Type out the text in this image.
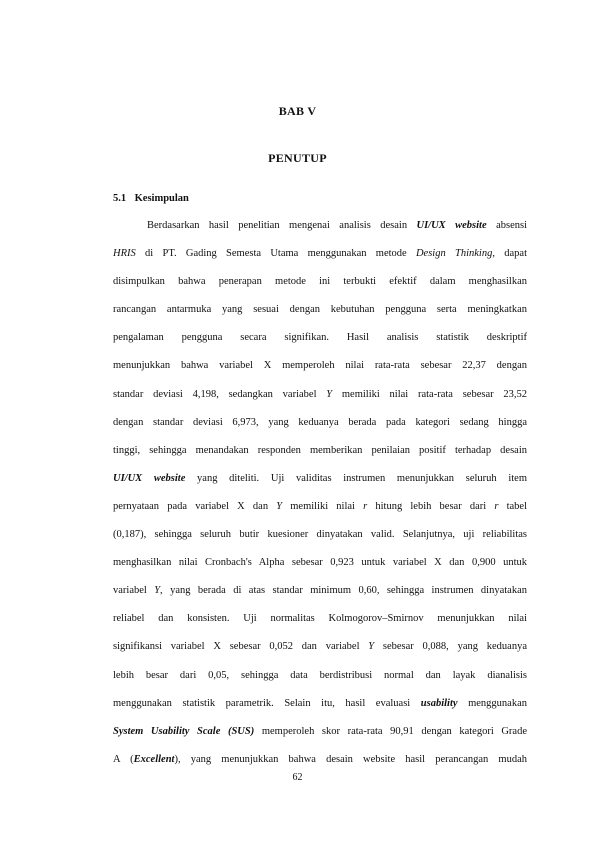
BAB V
PENUTUP
5.1 Kesimpulan
Berdasarkan hasil penelitian mengenai analisis desain UI/UX website absensi
HRIS di PT. Gading Semesta Utama menggunakan metode Design Thinking, dapat
disimpulkan bahwa penerapan metode ini terbukti efektif dalam menghasilkan
rancangan antarmuka yang sesuai dengan kebutuhan pengguna serta meningkatkan
pengalaman pengguna secara signifikan. Hasil analisis statistik deskriptif
menunjukkan bahwa variabel X memperoleh nilai rata-rata sebesar 22,37 dengan
standar deviasi 4,198, sedangkan variabel Y memiliki nilai rata-rata sebesar 23,52
dengan standar deviasi 6,973, yang keduanya berada pada kategori sedang hingga
tinggi, sehingga menandakan responden memberikan penilaian positif terhadap desain
UI/UX website yang diteliti. Uji validitas instrumen menunjukkan seluruh item
pernyataan pada variabel X dan Y memiliki nilai r hitung lebih besar dari r tabel
(0,187), sehingga seluruh butir kuesioner dinyatakan valid. Selanjutnya, uji reliabilitas
menghasilkan nilai Cronbach's Alpha sebesar 0,923 untuk variabel X dan 0,900 untuk
variabel Y, yang berada di atas standar minimum 0,60, sehingga instrumen dinyatakan
reliabel dan konsisten. Uji normalitas Kolmogorov–Smirnov menunjukkan nilai
signifikansi variabel X sebesar 0,052 dan variabel Y sebesar 0,088, yang keduanya
lebih besar dari 0,05, sehingga data berdistribusi normal dan layak dianalisis
menggunakan statistik parametrik. Selain itu, hasil evaluasi usability menggunakan
System Usability Scale (SUS) memperoleh skor rata-rata 90,91 dengan kategori Grade
A (Excellent), yang menunjukkan bahwa desain website hasil perancangan mudah
62
